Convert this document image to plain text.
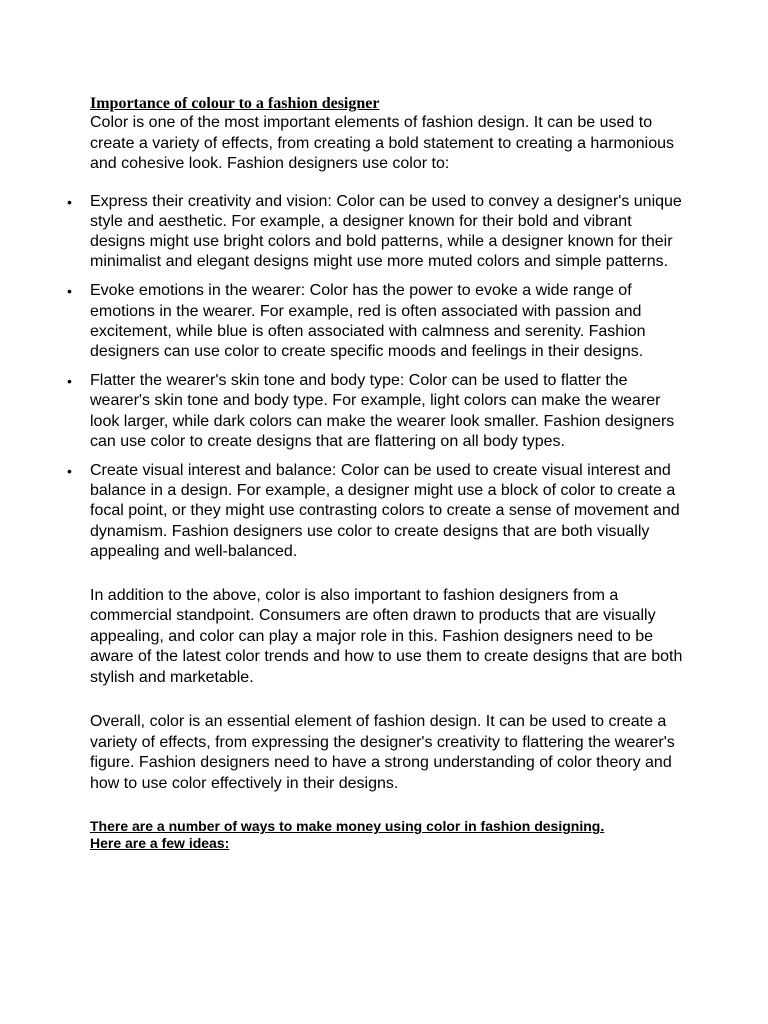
Importance of colour to a fashion designer

Color is one of the most important elements of fashion design. It can be used to create a variety of effects, from creating a bold statement to creating a harmonious and cohesive look. Fashion designers use color to:

• Express their creativity and vision: Color can be used to convey a designer's unique style and aesthetic. For example, a designer known for their bold and vibrant designs might use bright colors and bold patterns, while a designer known for their minimalist and elegant designs might use more muted colors and simple patterns.
• Evoke emotions in the wearer: Color has the power to evoke a wide range of emotions in the wearer. For example, red is often associated with passion and excitement, while blue is often associated with calmness and serenity. Fashion designers can use color to create specific moods and feelings in their designs.
• Flatter the wearer's skin tone and body type: Color can be used to flatter the wearer's skin tone and body type. For example, light colors can make the wearer look larger, while dark colors can make the wearer look smaller. Fashion designers can use color to create designs that are flattering on all body types.
• Create visual interest and balance: Color can be used to create visual interest and balance in a design. For example, a designer might use a block of color to create a focal point, or they might use contrasting colors to create a sense of movement and dynamism. Fashion designers use color to create designs that are both visually appealing and well-balanced.

In addition to the above, color is also important to fashion designers from a commercial standpoint. Consumers are often drawn to products that are visually appealing, and color can play a major role in this. Fashion designers need to be aware of the latest color trends and how to use them to create designs that are both stylish and marketable.

Overall, color is an essential element of fashion design. It can be used to create a variety of effects, from expressing the designer's creativity to flattering the wearer's figure. Fashion designers need to have a strong understanding of color theory and how to use color effectively in their designs.

There are a number of ways to make money using color in fashion designing.
Here are a few ideas:
